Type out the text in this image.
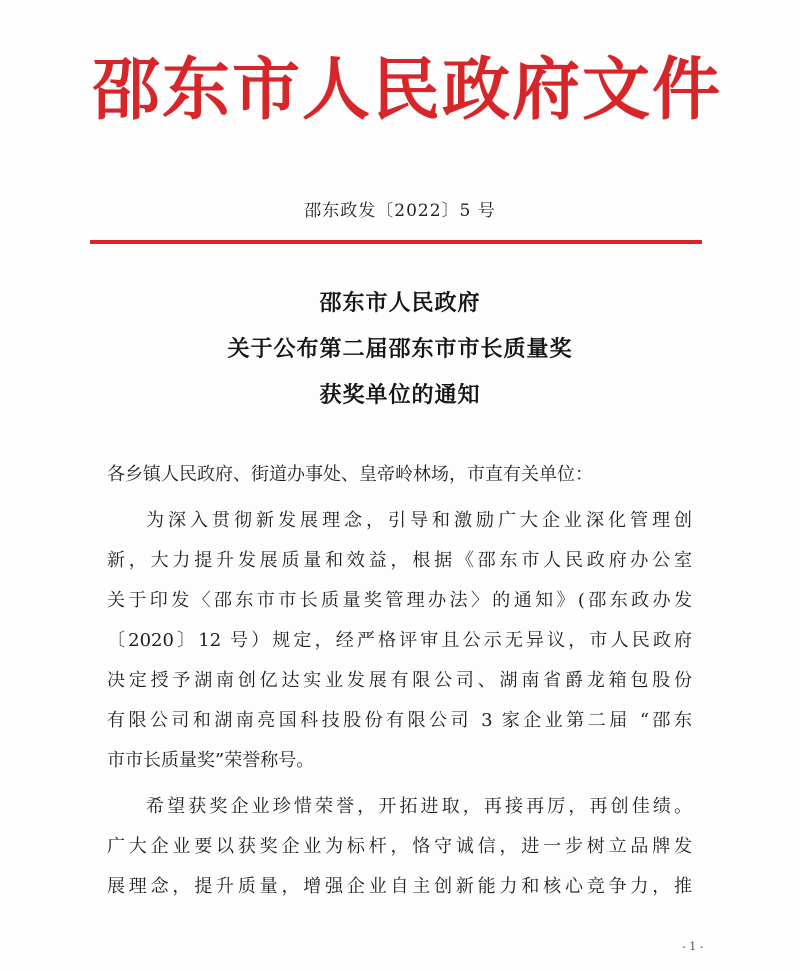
邵东市人民政府文件
邵东政发〔2022〕5 号
邵东市人民政府
关于公布第二届邵东市市长质量奖
获奖单位的通知
各乡镇人民政府、街道办事处、皇帝岭林场，市直有关单位：
为深入贯彻新发展理念，引导和激励广大企业深化管理创
新，大力提升发展质量和效益，根据《邵东市人民政府办公室
关于印发〈邵东市市长质量奖管理办法〉的通知》(邵东政办发
〔2020〕12 号）规定，经严格评审且公示无异议，市人民政府
决定授予湖南创亿达实业发展有限公司、湖南省爵龙箱包股份
有限公司和湖南亮国科技股份有限公司 3 家企业第二届 “邵东
市市长质量奖”荣誉称号。
希望获奖企业珍惜荣誉，开拓进取，再接再厉，再创佳绩。
广大企业要以获奖企业为标杆，恪守诚信，进一步树立品牌发
展理念，提升质量，增强企业自主创新能力和核心竞争力，推
- 1 -
